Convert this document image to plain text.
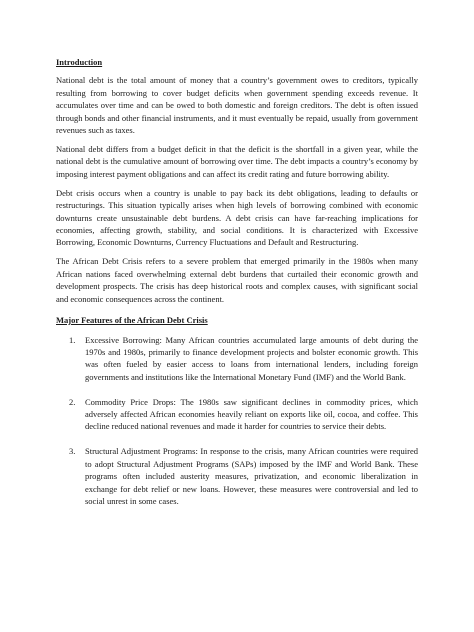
Introduction

National debt is the total amount of money that a country’s government owes to creditors, typically resulting from borrowing to cover budget deficits when government spending exceeds revenue. It accumulates over time and can be owed to both domestic and foreign creditors. The debt is often issued through bonds and other financial instruments, and it must eventually be repaid, usually from government revenues such as taxes.

National debt differs from a budget deficit in that the deficit is the shortfall in a given year, while the national debt is the cumulative amount of borrowing over time. The debt impacts a country’s economy by imposing interest payment obligations and can affect its credit rating and future borrowing ability.

Debt crisis occurs when a country is unable to pay back its debt obligations, leading to defaults or restructurings. This situation typically arises when high levels of borrowing combined with economic downturns create unsustainable debt burdens. A debt crisis can have far-reaching implications for economies, affecting growth, stability, and social conditions. It is characterized with Excessive Borrowing, Economic Downturns, Currency Fluctuations and Default and Restructuring.

The African Debt Crisis refers to a severe problem that emerged primarily in the 1980s when many African nations faced overwhelming external debt burdens that curtailed their economic growth and development prospects. The crisis has deep historical roots and complex causes, with significant social and economic consequences across the continent.

Major Features of the African Debt Crisis
1. Excessive Borrowing: Many African countries accumulated large amounts of debt during the 1970s and 1980s, primarily to finance development projects and bolster economic growth. This was often fueled by easier access to loans from international lenders, including foreign governments and institutions like the International Monetary Fund (IMF) and the World Bank.
2. Commodity Price Drops: The 1980s saw significant declines in commodity prices, which adversely affected African economies heavily reliant on exports like oil, cocoa, and coffee. This decline reduced national revenues and made it harder for countries to service their debts.
3. Structural Adjustment Programs: In response to the crisis, many African countries were required to adopt Structural Adjustment Programs (SAPs) imposed by the IMF and World Bank. These programs often included austerity measures, privatization, and economic liberalization in exchange for debt relief or new loans. However, these measures were controversial and led to social unrest in some cases.
